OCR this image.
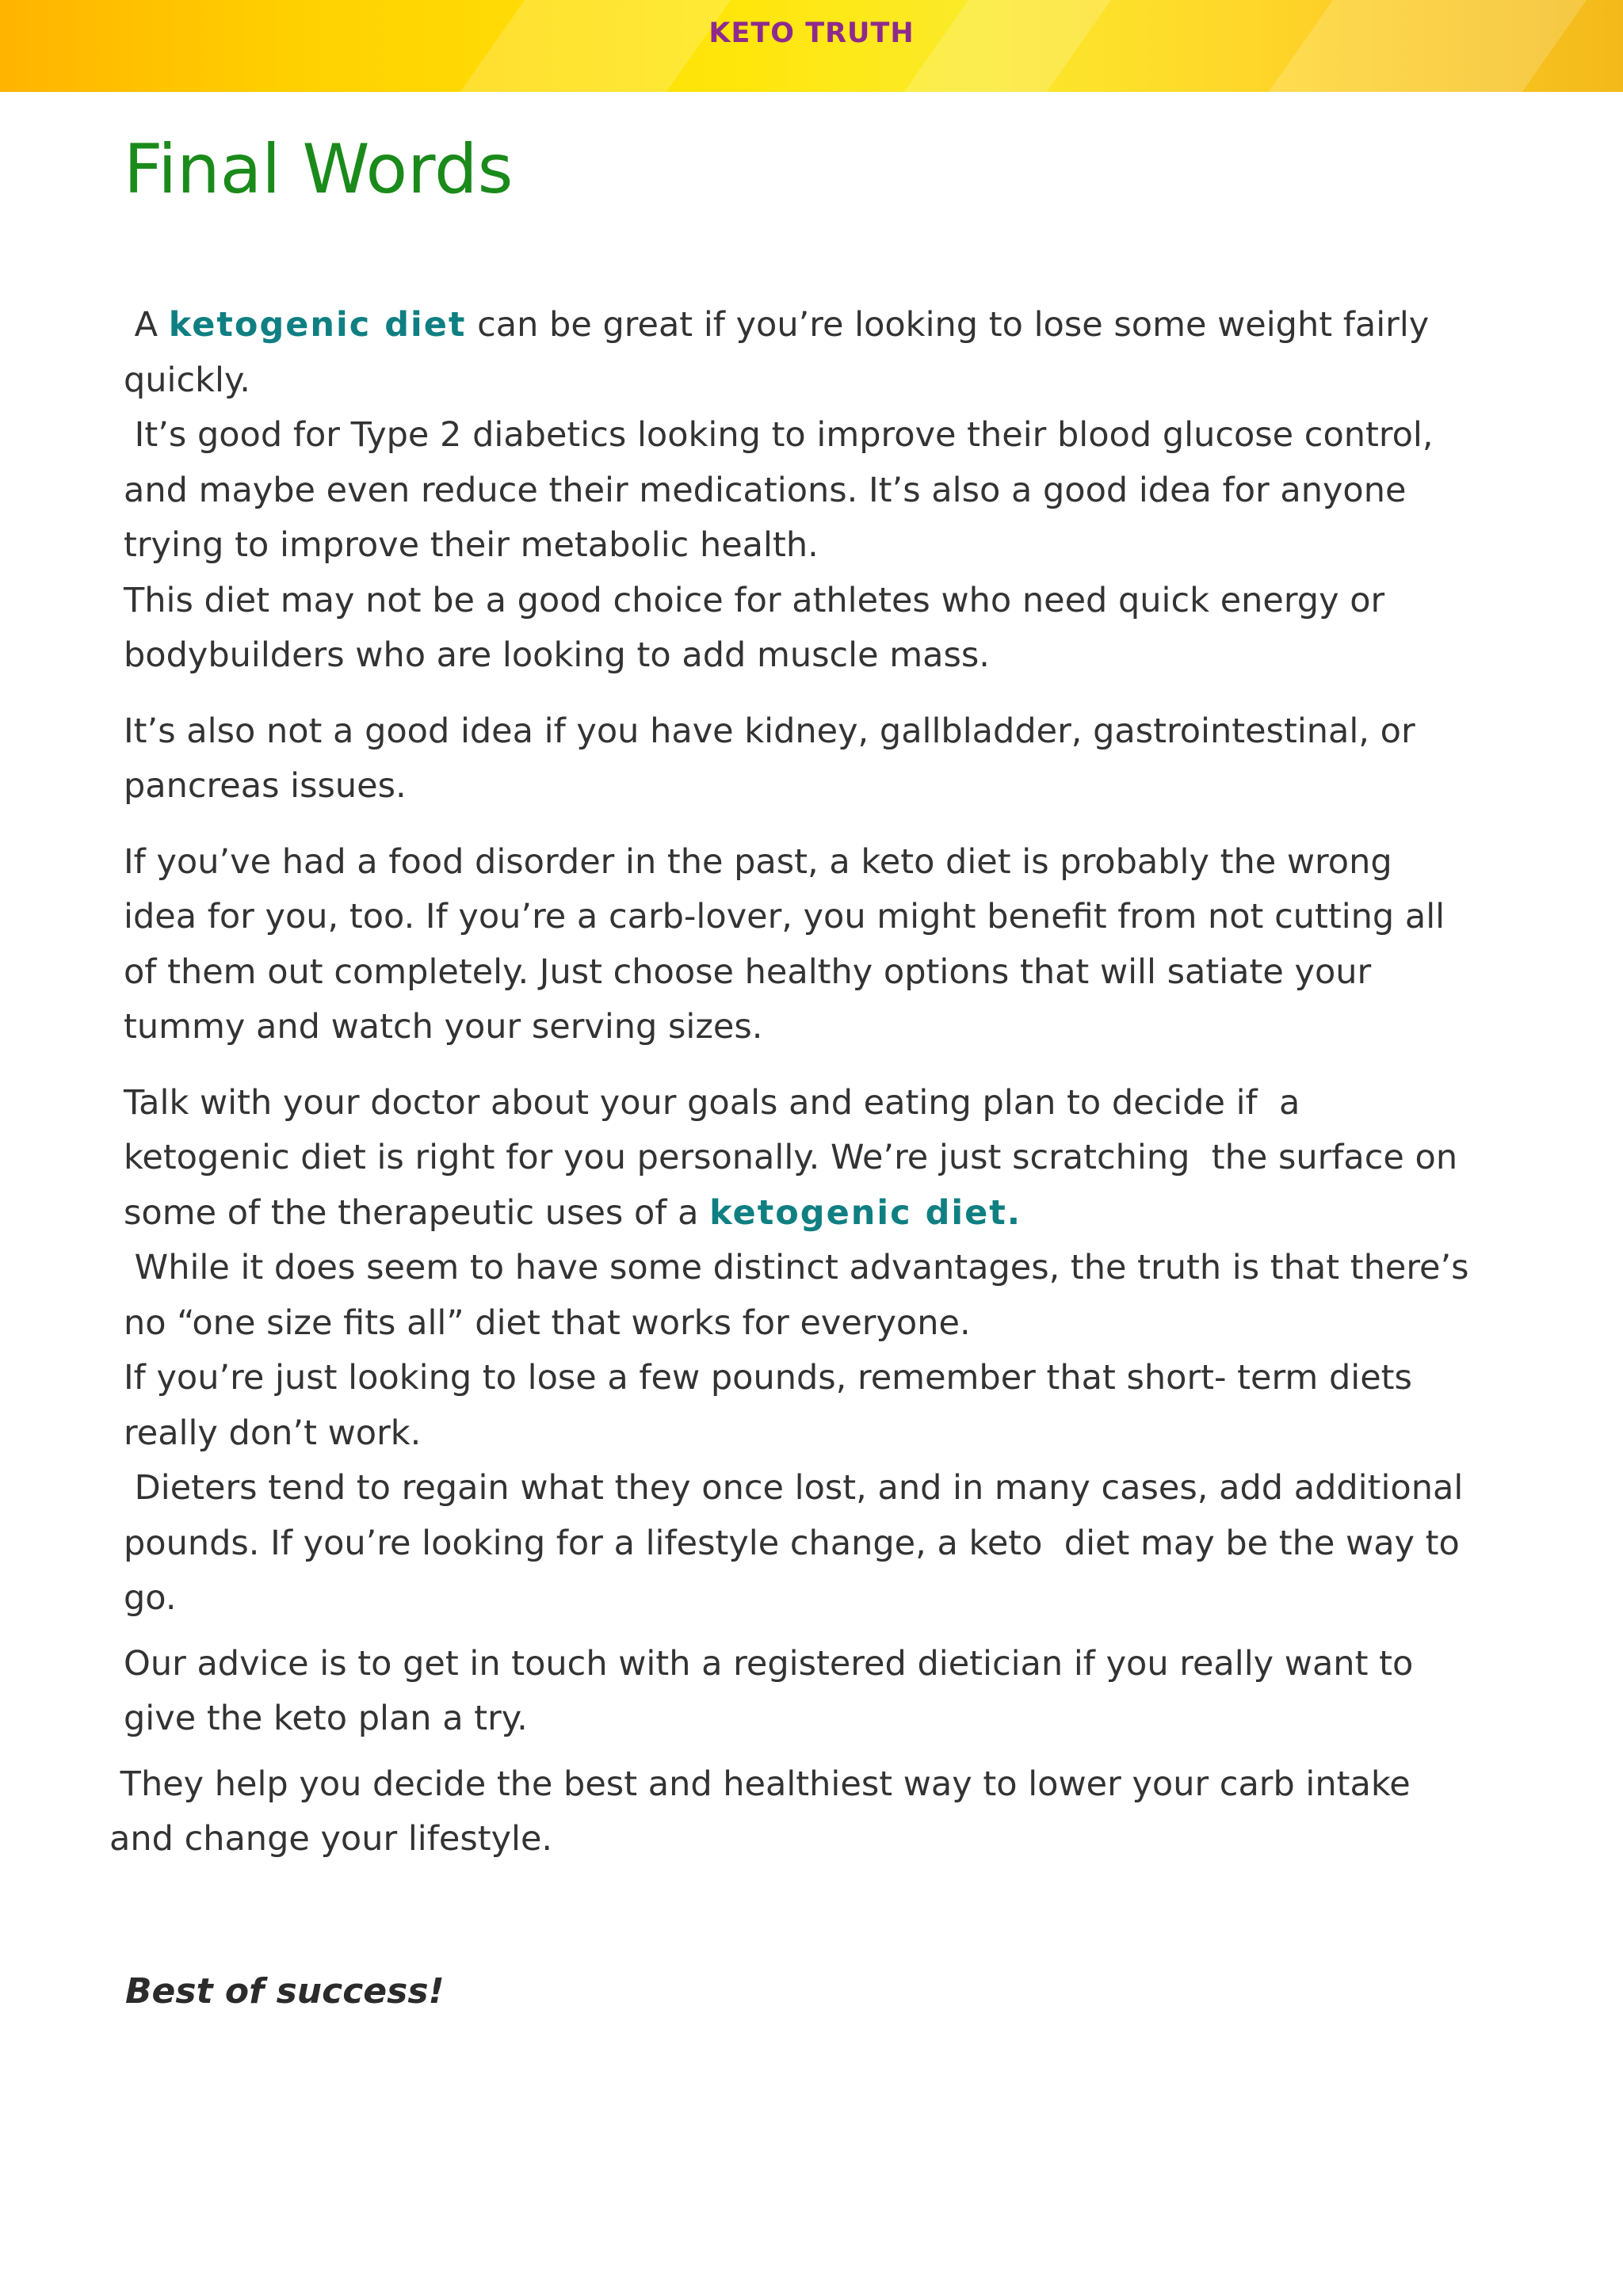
KETO TRUTH
Final Words

A ketogenic diet can be great if you’re looking to lose some weight fairly quickly.

It’s good for Type 2 diabetics looking to improve their blood glucose control, and maybe even reduce their medications. It’s also a good idea for anyone trying to improve their metabolic health.

This diet may not be a good choice for athletes who need quick energy or bodybuilders who are looking to add muscle mass.

It’s also not a good idea if you have kidney, gallbladder, gastrointestinal, or pancreas issues.

If you’ve had a food disorder in the past, a keto diet is probably the wrong idea for you, too. If you’re a carb-lover, you might benefit from not cutting all of them out completely. Just choose healthy options that will satiate your tummy and watch your serving sizes.

Talk with your doctor about your goals and eating plan to decide if  a ketogenic diet is right for you personally. We’re just scratching  the surface on some of the therapeutic uses of a ketogenic diet.

While it does seem to have some distinct advantages, the truth is that there’s no “one size fits all” diet that works for everyone.

If you’re just looking to lose a few pounds, remember that short- term diets really don’t work.

Dieters tend to regain what they once lost, and in many cases, add additional pounds. If you’re looking for a lifestyle change, a keto  diet may be the way to go.

Our advice is to get in touch with a registered dietician if you really want to give the keto plan a try.

They help you decide the best and healthiest way to lower your carb intake and change your lifestyle.

Best of success!
